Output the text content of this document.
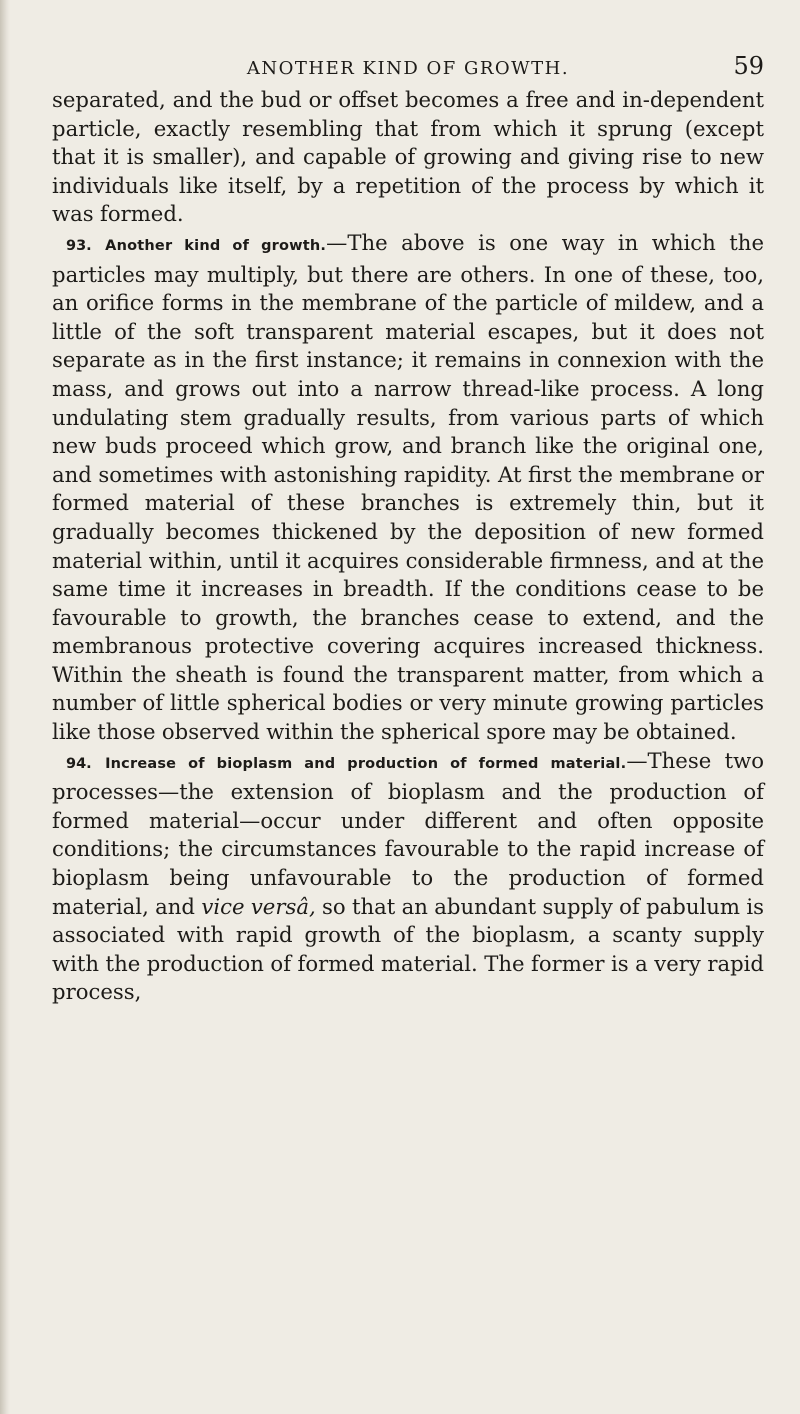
ANOTHER KIND OF GROWTH.	59

separated, and the bud or offset becomes a free and in-dependent particle, exactly resembling that from which it sprung (except that it is smaller), and capable of growing and giving rise to new individuals like itself, by a repetition of the process by which it was formed.

93. Another kind of growth.—The above is one way in which the particles may multiply, but there are others. In one of these, too, an orifice forms in the membrane of the particle of mildew, and a little of the soft transparent material escapes, but it does not separate as in the first instance; it remains in connexion with the mass, and grows out into a narrow thread-like process. A long undulating stem gradually results, from various parts of which new buds proceed which grow, and branch like the original one, and sometimes with astonishing rapidity. At first the membrane or formed material of these branches is extremely thin, but it gradually becomes thickened by the deposition of new formed material within, until it acquires considerable firmness, and at the same time it increases in breadth. If the conditions cease to be favourable to growth, the branches cease to extend, and the membranous protective covering acquires increased thickness. Within the sheath is found the transparent matter, from which a number of little spherical bodies or very minute growing particles like those observed within the spherical spore may be obtained.

94. Increase of bioplasm and production of formed material.—These two processes—the extension of bioplasm and the production of formed material—occur under different and often opposite conditions; the circumstances favourable to the rapid increase of bioplasm being unfavourable to the production of formed material, and vice versâ, so that an abundant supply of pabulum is associated with rapid growth of the bioplasm, a scanty supply with the production of formed material. The former is a very rapid process,
